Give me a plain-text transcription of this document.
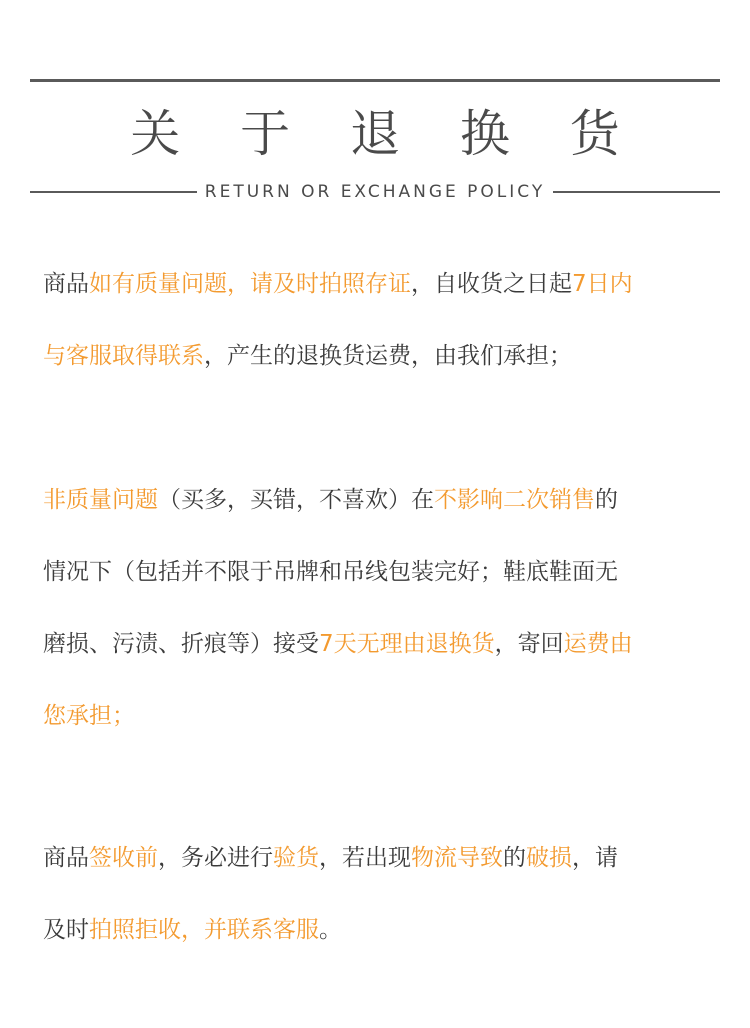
关 于 退 换 货
RETURN OR EXCHANGE POLICY
商品如有质量问题，请及时拍照存证，自收货之日起7日内
与客服取得联系，产生的退换货运费，由我们承担；
非质量问题（买多，买错，不喜欢）在不影响二次销售的
情况下（包括并不限于吊牌和吊线包装完好；鞋底鞋面无
磨损、污渍、折痕等）接受7天无理由退换货，寄回运费由
您承担；
商品签收前，务必进行验货，若出现物流导致的破损，请
及时拍照拒收，并联系客服。
